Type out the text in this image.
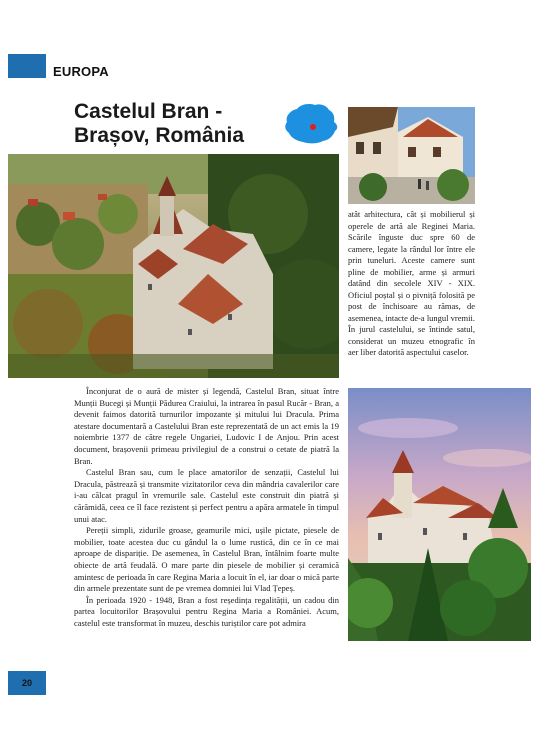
EUROPA
Castelul Bran - Brașov, România
atât arhitectura, cât și mobilierul și operele de artă ale Reginei Maria. Scările înguste duc spre 60 de camere, legate la rândul lor între ele prin tuneluri. Aceste camere sunt pline de mobilier, arme și armuri datând din secolele XIV - XIX. Oficiul poștal și o pivniță folosită pe post de închisoare au rămas, de asemenea, intacte de-a lungul vremii. În jurul castelului, se întinde satul, considerat un muzeu etnografic în aer liber datorită aspectului caselor.

Înconjurat de o aură de mister și legendă, Castelul Bran, situat între Munții Bucegi și Munții Pădurea Craiului, la intrarea în pasul Rucăr - Bran, a devenit faimos datorită turnurilor impozante și mitului lui Dracula. Prima atestare documentară a Castelului Bran este reprezentată de un act emis la 19 noiembrie 1377 de către regele Ungariei, Ludovic I de Anjou. Prin acest document, brașovenii primeau privilegiul de a construi o cetate de piatră la Bran.

Castelul Bran sau, cum le place amatorilor de senzații, Castelul lui Dracula, păstrează și transmite vizitatorilor ceva din mândria cavalerilor care i-au călcat pragul în vremurile sale. Castelul este construit din piatră și cărămidă, ceea ce îl face rezistent și perfect pentru a apăra armatele în timpul unui atac.

Pereții simpli, zidurile groase, geamurile mici, ușile pictate, piesele de mobilier, toate acestea duc cu gândul la o lume rustică, din ce în ce mai aproape de dispariție. De asemenea, în Castelul Bran, întâlnim foarte multe obiecte de artă feudală. O mare parte din piesele de mobilier și ceramică amintesc de perioada în care Regina Maria a locuit în el, iar doar o mică parte din armele prezentate sunt de pe vremea domniei lui Vlad Țepeș.

În perioada 1920 - 1948, Bran a fost reședința regalității, un cadou din partea locuitorilor Brașovului pentru Regina Maria a României. Acum, castelul este transformat în muzeu, deschis turiștilor care pot admira

20
